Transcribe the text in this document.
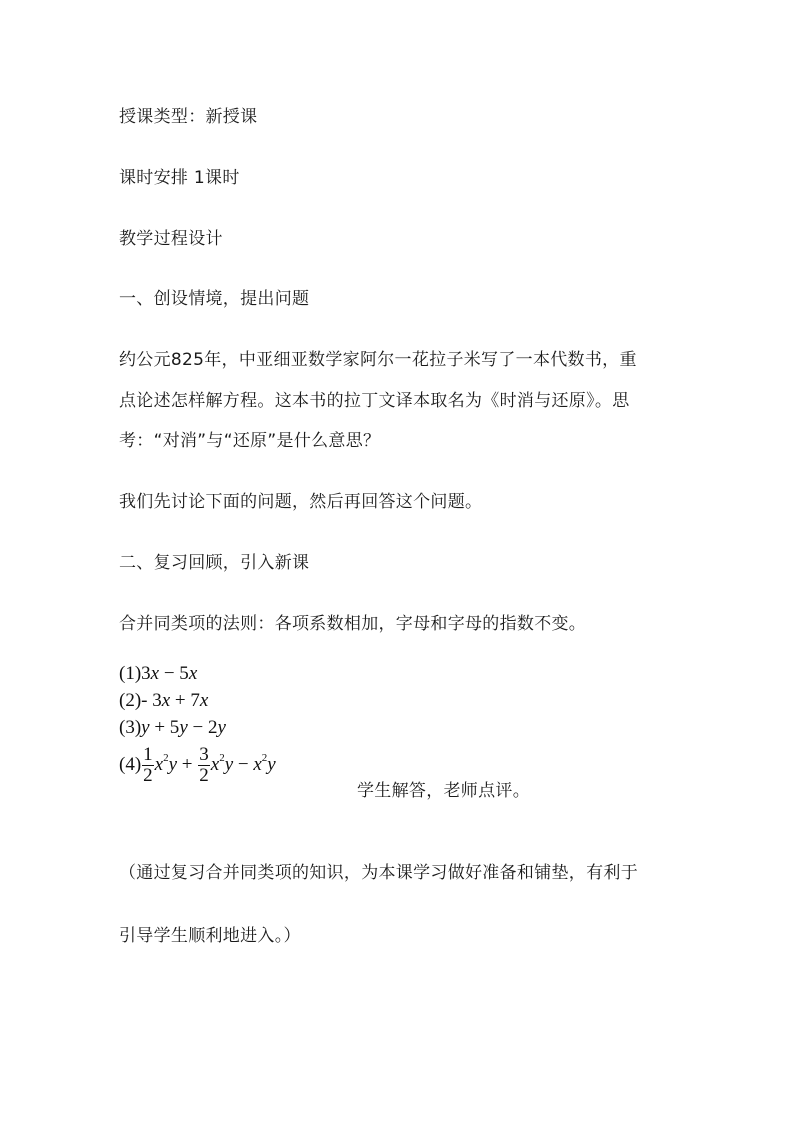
授课类型：新授课
课时安排 1课时
教学过程设计
一、创设情境，提出问题
约公元825年，中亚细亚数学家阿尔一花拉子米写了一本代数书，重
点论述怎样解方程。这本书的拉丁文译本取名为《时消与还原》。思
考：“对消”与“还原”是什么意思？
我们先讨论下面的问题，然后再回答这个问题。
二、复习回顾，引入新课
合并同类项的法则：各项系数相加，字母和字母的指数不变。
(1)3x − 5x
(2)- 3x + 7x
(3)y + 5y − 2y
$(4) \frac{1}{2} x^2y + \frac{3}{2} x^2y - x^2y$
学生解答，老师点评。
（通过复习合并同类项的知识，为本课学习做好准备和铺垫，有利于
引导学生顺利地进入。）
